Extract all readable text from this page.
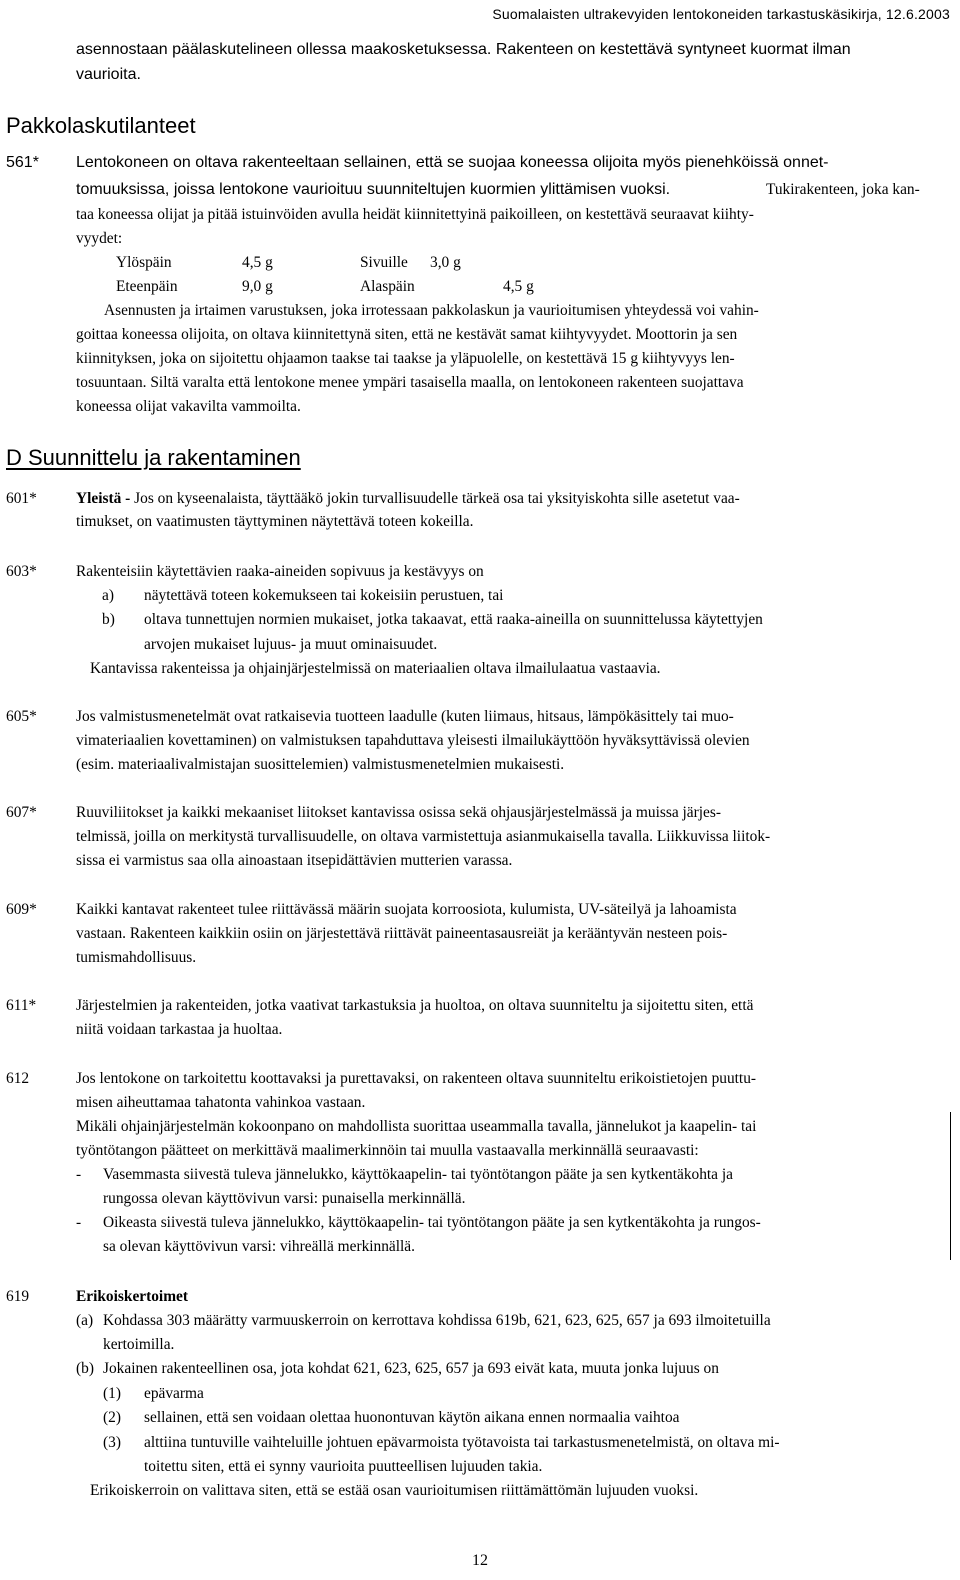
Suomalaisten ultrakevyiden lentokoneiden tarkastuskäsikirja, 12.6.2003
asennostaan päälaskutelineen ollessa maakosketuksessa. Rakenteen on kestettävä syntyneet kuormat ilman
vaurioita.
Pakkolaskutilanteet
561* Lentokoneen on oltava rakenteeltaan sellainen, että se suojaa koneessa olijoita myös pienehköissä onnet-
tomuuksissa, joissa lentokone vaurioituu suunniteltujen kuormien ylittämisen vuoksi.	Tukirakenteen, joka kan-
taa koneessa olijat ja pitää istuinvöiden avulla heidät kiinnitettyinä paikoilleen, on kestettävä seuraavat kiihty-
vyydet:
Ylöspäin	4,5 g	Sivuille 3,0 g
Eteenpäin	9,0 g	Alaspäin	4,5 g
Asennusten ja irtaimen varustuksen, joka irrotessaan pakkolaskun ja vaurioitumisen yhteydessä voi vahin-
goittaa koneessa olijoita, on oltava kiinnitettynä siten, että ne kestävät samat kiihtyvyydet. Moottorin ja sen
kiinnityksen, joka on sijoitettu ohjaamon taakse tai taakse ja yläpuolelle, on kestettävä 15 g kiihtyvyys len-
tosuuntaan. Siltä varalta että lentokone menee ympäri tasaisella maalla, on lentokoneen rakenteen suojattava
koneessa olijat vakavilta vammoilta.
D Suunnittelu ja rakentaminen
601*	Yleistä - Jos on kyseenalaista, täyttääkö jokin turvallisuudelle tärkeä osa tai yksityiskohta sille asetetut vaa-
timukset, on vaatimusten täyttyminen näytettävä toteen kokeilla.
603*	Rakenteisiin käytettävien raaka-aineiden sopivuus ja kestävyys on
a) näytettävä toteen kokemukseen tai kokeisiin perustuen, tai
b) oltava tunnettujen normien mukaiset, jotka takaavat, että raaka-aineilla on suunnittelussa käytettyjen
arvojen mukaiset lujuus- ja muut ominaisuudet.
Kantavissa rakenteissa ja ohjainjärjestelmissä on materiaalien oltava ilmailulaatua vastaavia.
605*	Jos valmistusmenetelmät ovat ratkaisevia tuotteen laadulle (kuten liimaus, hitsaus, lämpökäsittely tai muo-
vimateriaalien kovettaminen) on valmistuksen tapahduttava yleisesti ilmailukäyttöön hyväksyttävissä olevien
(esim. materiaalivalmistajan suosittelemien) valmistusmenetelmien mukaisesti.
607*	Ruuviliitokset ja kaikki mekaaniset liitokset kantavissa osissa sekä ohjausjärjestelmässä ja muissa järjes-
telmissä, joilla on merkitystä turvallisuudelle, on oltava varmistettuja asianmukaisella tavalla. Liikkuvissa liitok-
sissa ei varmistus saa olla ainoastaan itsepidättävien mutterien varassa.
609*	Kaikki kantavat rakenteet tulee riittävässä määrin suojata korroosiota, kulumista, UV-säteilyä ja lahoamista
vastaan. Rakenteen kaikkiin osiin on järjestettävä riittävät paineentasausreiät ja kerääntyvän nesteen pois-
tumismahdollisuus.
611*	Järjestelmien ja rakenteiden, jotka vaativat tarkastuksia ja huoltoa, on oltava suunniteltu ja sijoitettu siten, että
niitä voidaan tarkastaa ja huoltaa.
612	Jos lentokone on tarkoitettu koottavaksi ja purettavaksi, on rakenteen oltava suunniteltu erikoistietojen puuttu-
misen aiheuttamaa tahatonta vahinkoa vastaan.
Mikäli ohjainjärjestelmän kokoonpano on mahdollista suorittaa useammalla tavalla, jännelukot ja kaapelin- tai
työntötangon päätteet on merkittävä maalimerkinnöin tai muulla vastaavalla merkinnällä seuraavasti:
- Vasemmasta siivestä tuleva jännelukko, käyttökaapelin- tai työntötangon pääte ja sen kytkentäkohta ja
rungossa olevan käyttövivun varsi: punaisella merkinnällä.
- Oikeasta siivestä tuleva jännelukko, käyttökaapelin- tai työntötangon pääte ja sen kytkentäkohta ja rungos-
sa olevan käyttövivun varsi: vihreällä merkinnällä.
619	Erikoiskertoimet
(a) Kohdassa 303 määrätty varmuuskerroin on kerrottava kohdissa 619b, 621, 623, 625, 657 ja 693 ilmoitetuilla
kertoimilla.
(b) Jokainen rakenteellinen osa, jota kohdat 621, 623, 625, 657 ja 693 eivät kata, muuta jonka lujuus on
(1) epävarma
(2) sellainen, että sen voidaan olettaa huonontuvan käytön aikana ennen normaalia vaihtoa
(3) alttiina tuntuville vaihteluille johtuen epävarmoista työtavoista tai tarkastusmenetelmistä, on oltava mi-
toitettu siten, että ei synny vaurioita puutteellisen lujuuden takia.
Erikoiskerroin on valittava siten, että se estää osan vaurioitumisen riittämättömän lujuuden vuoksi.
12
